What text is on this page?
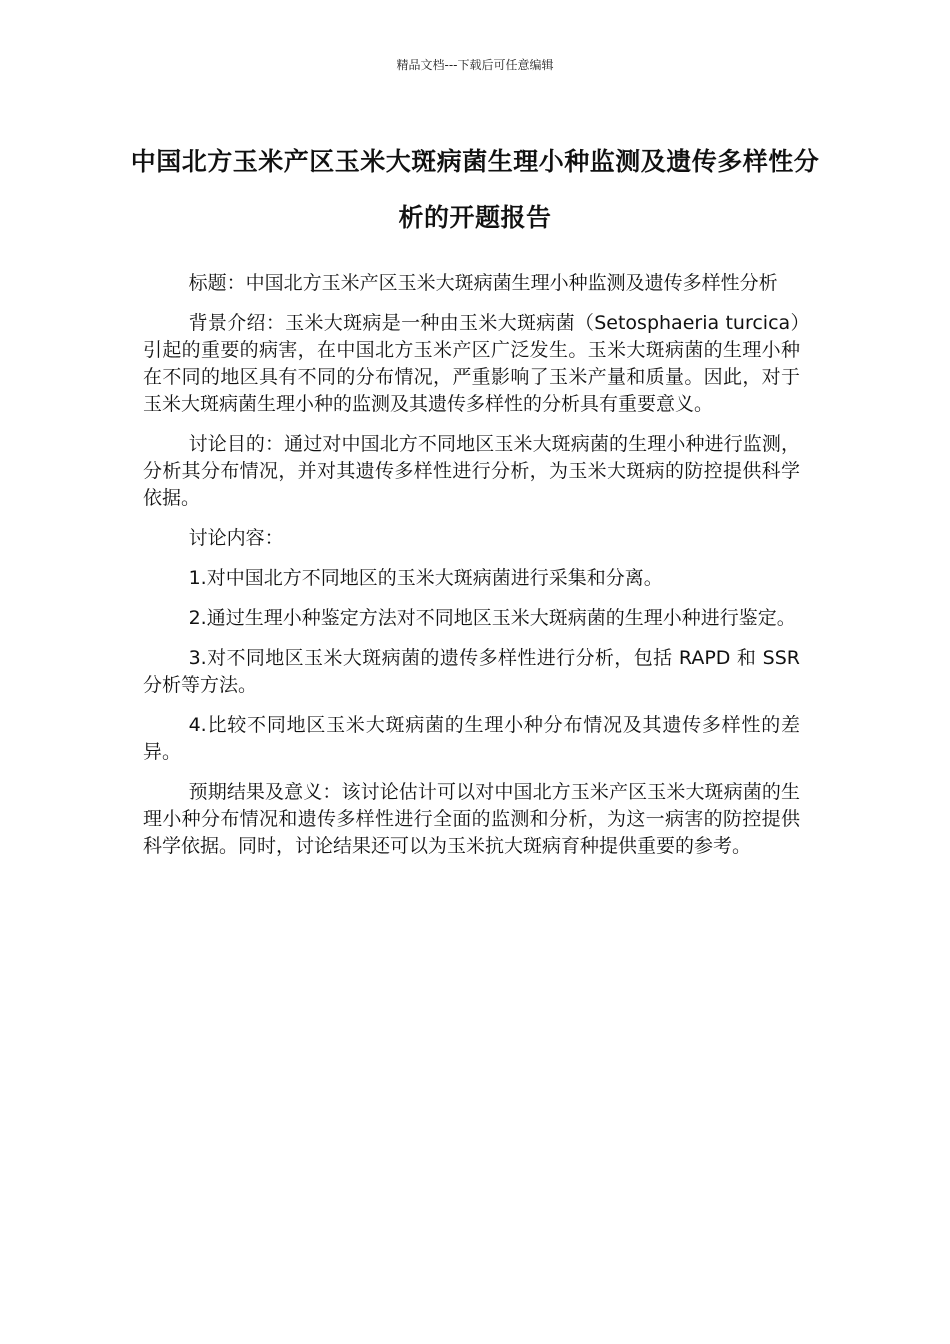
精品文档---下载后可任意编辑
中国北方玉米产区玉米大斑病菌生理小种监测及遗传多样性分析的开题报告

标题：中国北方玉米产区玉米大斑病菌生理小种监测及遗传多样性分析

背景介绍：玉米大斑病是一种由玉米大斑病菌（Setosphaeria turcica）引起的重要的病害，在中国北方玉米产区广泛发生。玉米大斑病菌的生理小种在不同的地区具有不同的分布情况，严重影响了玉米产量和质量。因此，对于玉米大斑病菌生理小种的监测及其遗传多样性的分析具有重要意义。

讨论目的：通过对中国北方不同地区玉米大斑病菌的生理小种进行监测，分析其分布情况，并对其遗传多样性进行分析，为玉米大斑病的防控提供科学依据。

讨论内容：

1.对中国北方不同地区的玉米大斑病菌进行采集和分离。

2.通过生理小种鉴定方法对不同地区玉米大斑病菌的生理小种进行鉴定。

3.对不同地区玉米大斑病菌的遗传多样性进行分析，包括 RAPD 和 SSR 分析等方法。

4.比较不同地区玉米大斑病菌的生理小种分布情况及其遗传多样性的差异。

预期结果及意义：该讨论估计可以对中国北方玉米产区玉米大斑病菌的生理小种分布情况和遗传多样性进行全面的监测和分析，为这一病害的防控提供科学依据。同时，讨论结果还可以为玉米抗大斑病育种提供重要的参考。
